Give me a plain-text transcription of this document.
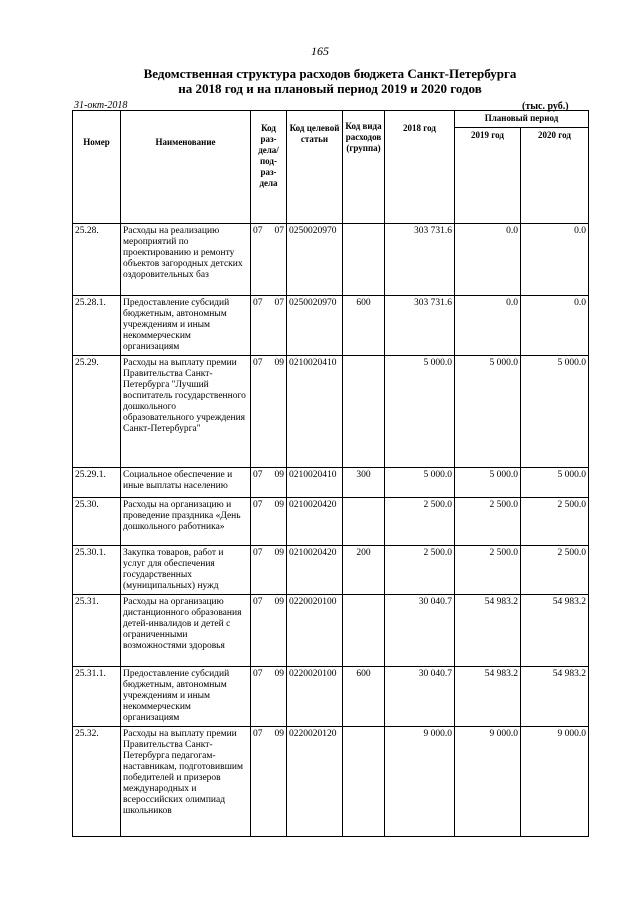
165
Ведомственная структура расходов бюджета Санкт-Петербурга
на 2018 год и на плановый период 2019 и 2020 годов
31-окт-2018	(тыс. руб.)
Номер	Наименование	Код раз- дела/ под- раз- дела	Код целевой статьи	Код вида расходов (группа)	2018 год	Плановый период	
						2019 год	2020 год
25.28.	Расходы на реализацию мероприятий по проектированию и ремонту объектов загородных детских оздоровительных баз	07 07	0250020970		303 731.6	0.0	0.0
25.28.1.	Предоставление субсидий бюджетным, автономным учреждениям и иным некоммерческим организациям	07 07	0250020970	600	303 731.6	0.0	0.0
25.29.	Расходы на выплату премии Правительства Санкт-Петербурга "Лучший воспитатель государственного дошкольного образовательного учреждения Санкт-Петербурга"	07 09	0210020410		5 000.0	5 000.0	5 000.0
25.29.1.	Социальное обеспечение и иные выплаты населению	07 09	0210020410	300	5 000.0	5 000.0	5 000.0
25.30.	Расходы на организацию и проведение праздника «День дошкольного работника»	07 09	0210020420		2 500.0	2 500.0	2 500.0
25.30.1.	Закупка товаров, работ и услуг для обеспечения государственных (муниципальных) нужд	07 09	0210020420	200	2 500.0	2 500.0	2 500.0
25.31.	Расходы на организацию дистанционного образования детей-инвалидов и детей с ограниченными возможностями здоровья	07 09	0220020100		30 040.7	54 983.2	54 983.2
25.31.1.	Предоставление субсидий бюджетным, автономным учреждениям и иным некоммерческим организациям	07 09	0220020100	600	30 040.7	54 983.2	54 983.2
25.32.	Расходы на выплату премии Правительства Санкт-Петербурга педагогам-наставникам, подготовившим победителей и призеров международных и всероссийских олимпиад школьников	07 09	0220020120		9 000.0	9 000.0	9 000.0
